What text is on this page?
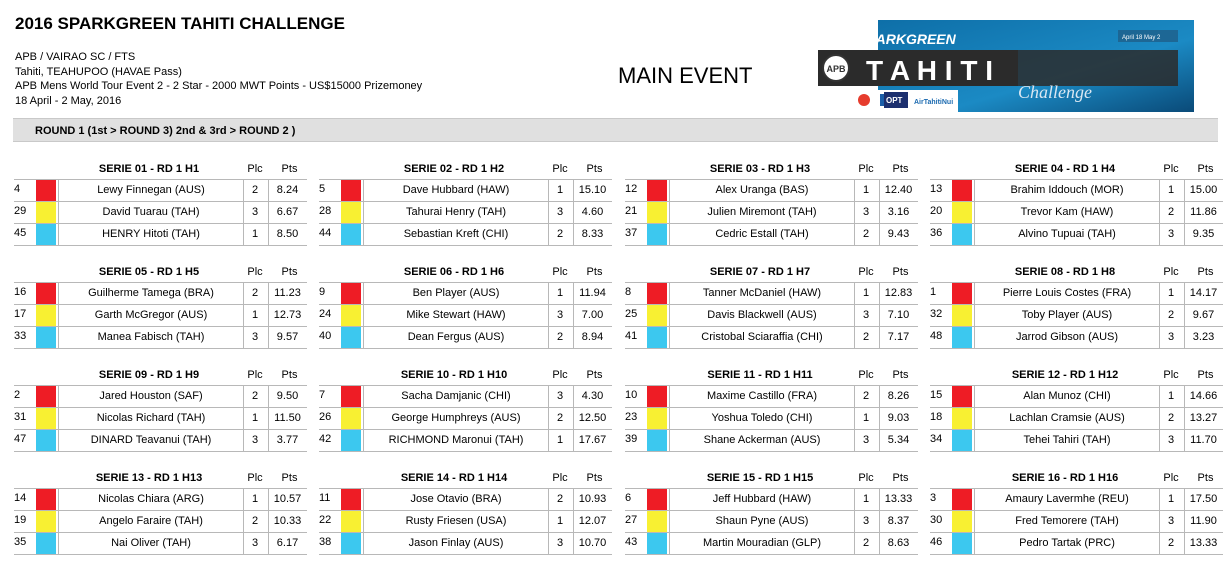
2016 SPARKGREEN TAHITI CHALLENGE
APB / VAIRAO SC / FTS
Tahiti, TEAHUPOO (HAVAE Pass)
APB Mens World Tour Event 2 - 2 Star - 2000 MWT Points - US$15000 Prizemoney
18 April - 2 May, 2016
MAIN EVENT	APB
2016
SPARKGREEN
T A H I T I
Challenge
April 18 May 2
OPT AirTahitiNui
ROUND 1 (1st > ROUND 3) 2nd & 3rd > ROUND 2 )
SERIE 01 - RD 1 H1	Plc	Pts
4	Lewy Finnegan (AUS)	2	8.24
29	David Tuarau (TAH)	3	6.67
45	HENRY Hitoti (TAH)	1	8.50
SERIE 02 - RD 1 H2	Plc	Pts
5	Dave Hubbard (HAW)	1	15.10
28	Tahurai Henry (TAH)	3	4.60
44	Sebastian Kreft (CHI)	2	8.33
SERIE 03 - RD 1 H3	Plc	Pts
12	Alex Uranga (BAS)	1	12.40
21	Julien Miremont (TAH)	3	3.16
37	Cedric Estall (TAH)	2	9.43
SERIE 04 - RD 1 H4	Plc	Pts
13	Brahim Iddouch (MOR)	1	15.00
20	Trevor Kam (HAW)	2	11.86
36	Alvino Tupuai (TAH)	3	9.35
SERIE 05 - RD 1 H5	Plc	Pts
16	Guilherme Tamega (BRA)	2	11.23
17	Garth McGregor (AUS)	1	12.73
33	Manea Fabisch (TAH)	3	9.57
SERIE 06 - RD 1 H6	Plc	Pts
9	Ben Player (AUS)	1	11.94
24	Mike Stewart (HAW)	3	7.00
40	Dean Fergus (AUS)	2	8.94
SERIE 07 - RD 1 H7	Plc	Pts
8	Tanner McDaniel (HAW)	1	12.83
25	Davis Blackwell (AUS)	3	7.10
41	Cristobal Sciaraffia (CHI)	2	7.17
SERIE 08 - RD 1 H8	Plc	Pts
1	Pierre Louis Costes (FRA)	1	14.17
32	Toby Player (AUS)	2	9.67
48	Jarrod Gibson (AUS)	3	3.23
SERIE 09 - RD 1 H9	Plc	Pts
2	Jared Houston (SAF)	2	9.50
31	Nicolas Richard (TAH)	1	11.50
47	DINARD Teavanui (TAH)	3	3.77
SERIE 10 - RD 1 H10	Plc	Pts
7	Sacha Damjanic (CHI)	3	4.30
26	George Humphreys (AUS)	2	12.50
42	RICHMOND Maronui (TAH)	1	17.67
SERIE 11 - RD 1 H11	Plc	Pts
10	Maxime Castillo (FRA)	2	8.26
23	Yoshua Toledo (CHI)	1	9.03
39	Shane Ackerman (AUS)	3	5.34
SERIE 12 - RD 1 H12	Plc	Pts
15	Alan Munoz (CHI)	1	14.66
18	Lachlan Cramsie (AUS)	2	13.27
34	Tehei Tahiri (TAH)	3	11.70
SERIE 13 - RD 1 H13	Plc	Pts
14	Nicolas Chiara (ARG)	1	10.57
19	Angelo Faraire (TAH)	2	10.33
35	Nai Oliver (TAH)	3	6.17
SERIE 14 - RD 1 H14	Plc	Pts
11	Jose Otavio (BRA)	2	10.93
22	Rusty Friesen (USA)	1	12.07
38	Jason Finlay (AUS)	3	10.70
SERIE 15 - RD 1 H15	Plc	Pts
6	Jeff Hubbard (HAW)	1	13.33
27	Shaun Pyne (AUS)	3	8.37
43	Martin Mouradian (GLP)	2	8.63
SERIE 16 - RD 1 H16	Plc	Pts
3	Amaury Lavermhe (REU)	1	17.50
30	Fred Temorere (TAH)	3	11.90
46	Pedro Tartak (PRC)	2	13.33
